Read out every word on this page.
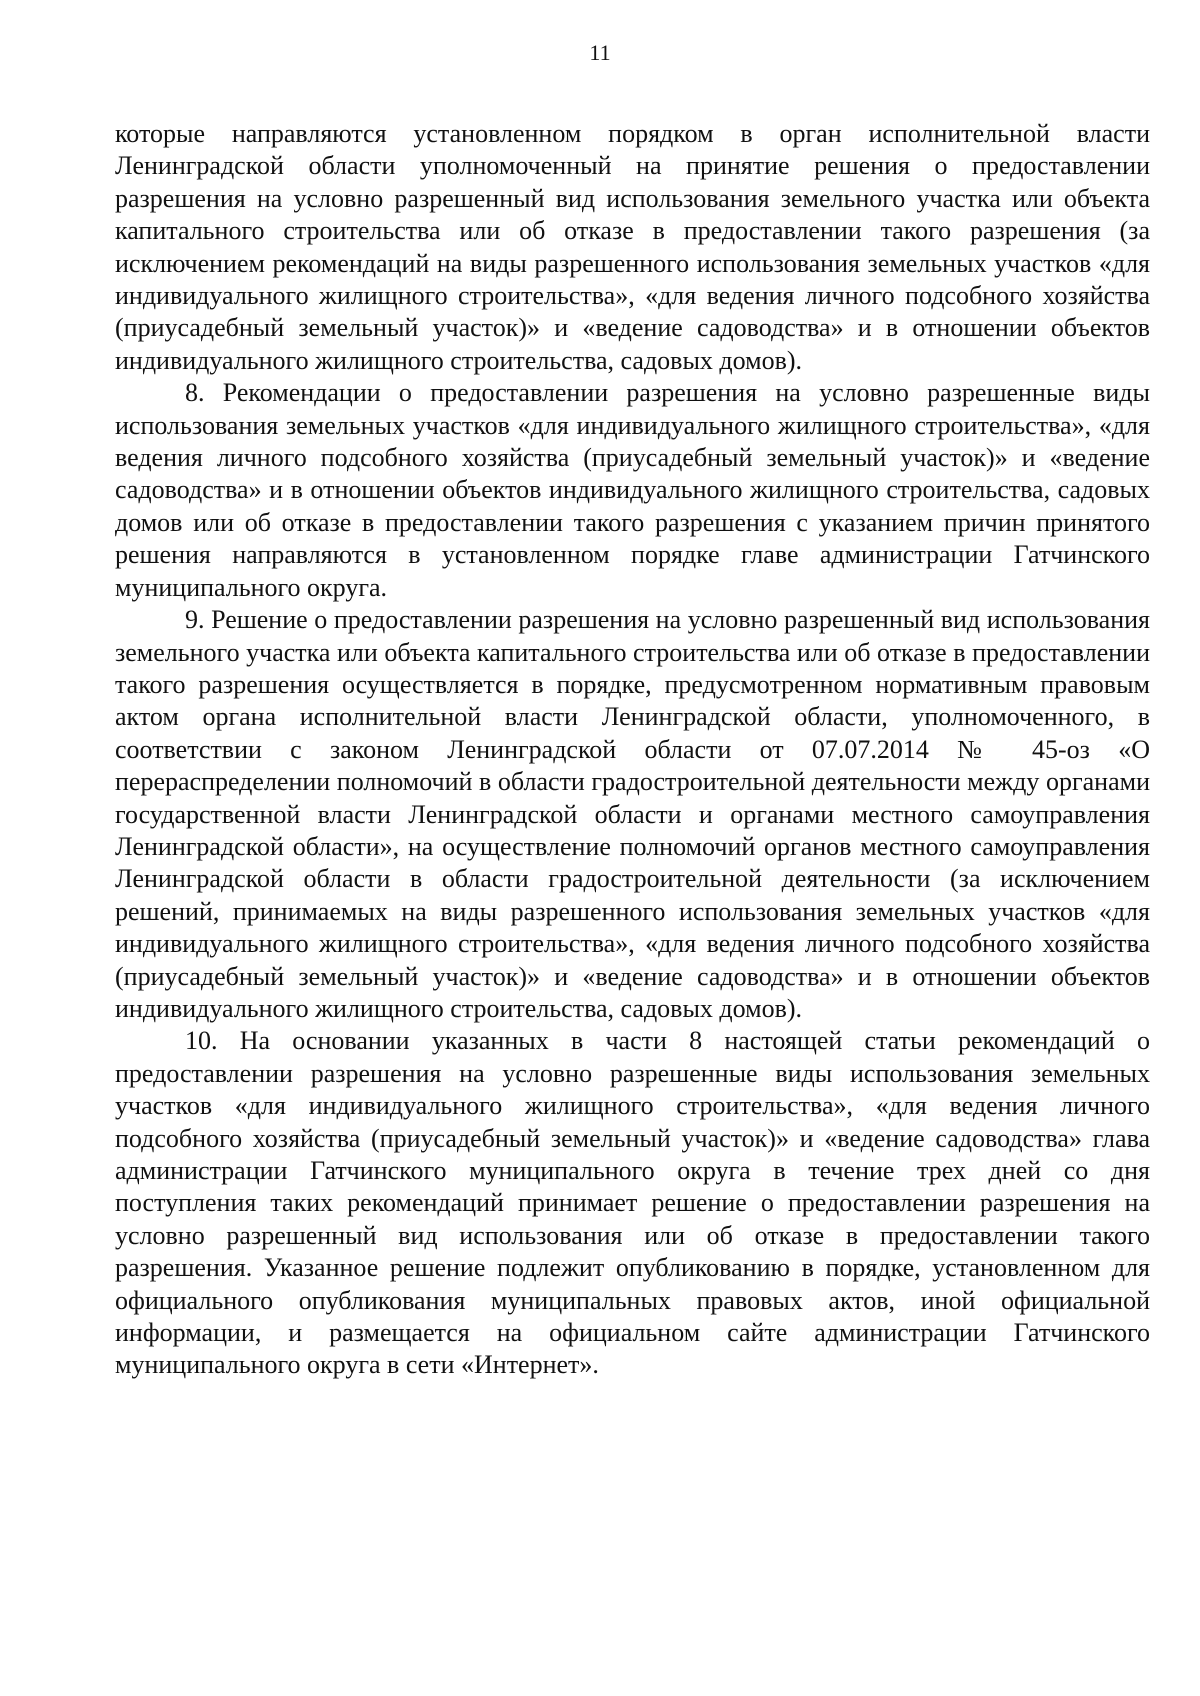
11

которые направляются установленном порядком в орган исполнительной власти Ленинградской области уполномоченный на принятие решения о предоставлении разрешения на условно разрешенный вид использования земельного участка или объекта капитального строительства или об отказе в предоставлении такого разрешения (за исключением рекомендаций на виды разрешенного использования земельных участков «для индивидуального жилищного строительства», «для ведения личного подсобного хозяйства (приусадебный земельный участок)» и «ведение садоводства» и в отношении объектов индивидуального жилищного строительства, садовых домов).

8. Рекомендации о предоставлении разрешения на условно разрешенные виды использования земельных участков «для индивидуального жилищного строительства», «для ведения личного подсобного хозяйства (приусадебный земельный участок)» и «ведение садоводства» и в отношении объектов индивидуального жилищного строительства, садовых домов или об отказе в предоставлении такого разрешения с указанием причин принятого решения направляются в установленном порядке главе администрации Гатчинского муниципального округа.

9. Решение о предоставлении разрешения на условно разрешенный вид использования земельного участка или объекта капитального строительства или об отказе в предоставлении такого разрешения осуществляется в порядке, предусмотренном нормативным правовым актом органа исполнительной власти Ленинградской области, уполномоченного, в соответствии с законом Ленинградской области от 07.07.2014 № 45-оз «О перераспределении полномочий в области градостроительной деятельности между органами государственной власти Ленинградской области и органами местного самоуправления Ленинградской области», на осуществление полномочий органов местного самоуправления Ленинградской области в области градостроительной деятельности (за исключением решений, принимаемых на виды разрешенного использования земельных участков «для индивидуального жилищного строительства», «для ведения личного подсобного хозяйства (приусадебный земельный участок)» и «ведение садоводства» и в отношении объектов индивидуального жилищного строительства, садовых домов).

10. На основании указанных в части 8 настоящей статьи рекомендаций о предоставлении разрешения на условно разрешенные виды использования земельных участков «для индивидуального жилищного строительства», «для ведения личного подсобного хозяйства (приусадебный земельный участок)» и «ведение садоводства» глава администрации Гатчинского муниципального округа в течение трех дней со дня поступления таких рекомендаций принимает решение о предоставлении разрешения на условно разрешенный вид использования или об отказе в предоставлении такого разрешения. Указанное решение подлежит опубликованию в порядке, установленном для официального опубликования муниципальных правовых актов, иной официальной информации, и размещается на официальном сайте администрации Гатчинского муниципального округа в сети «Интернет».
